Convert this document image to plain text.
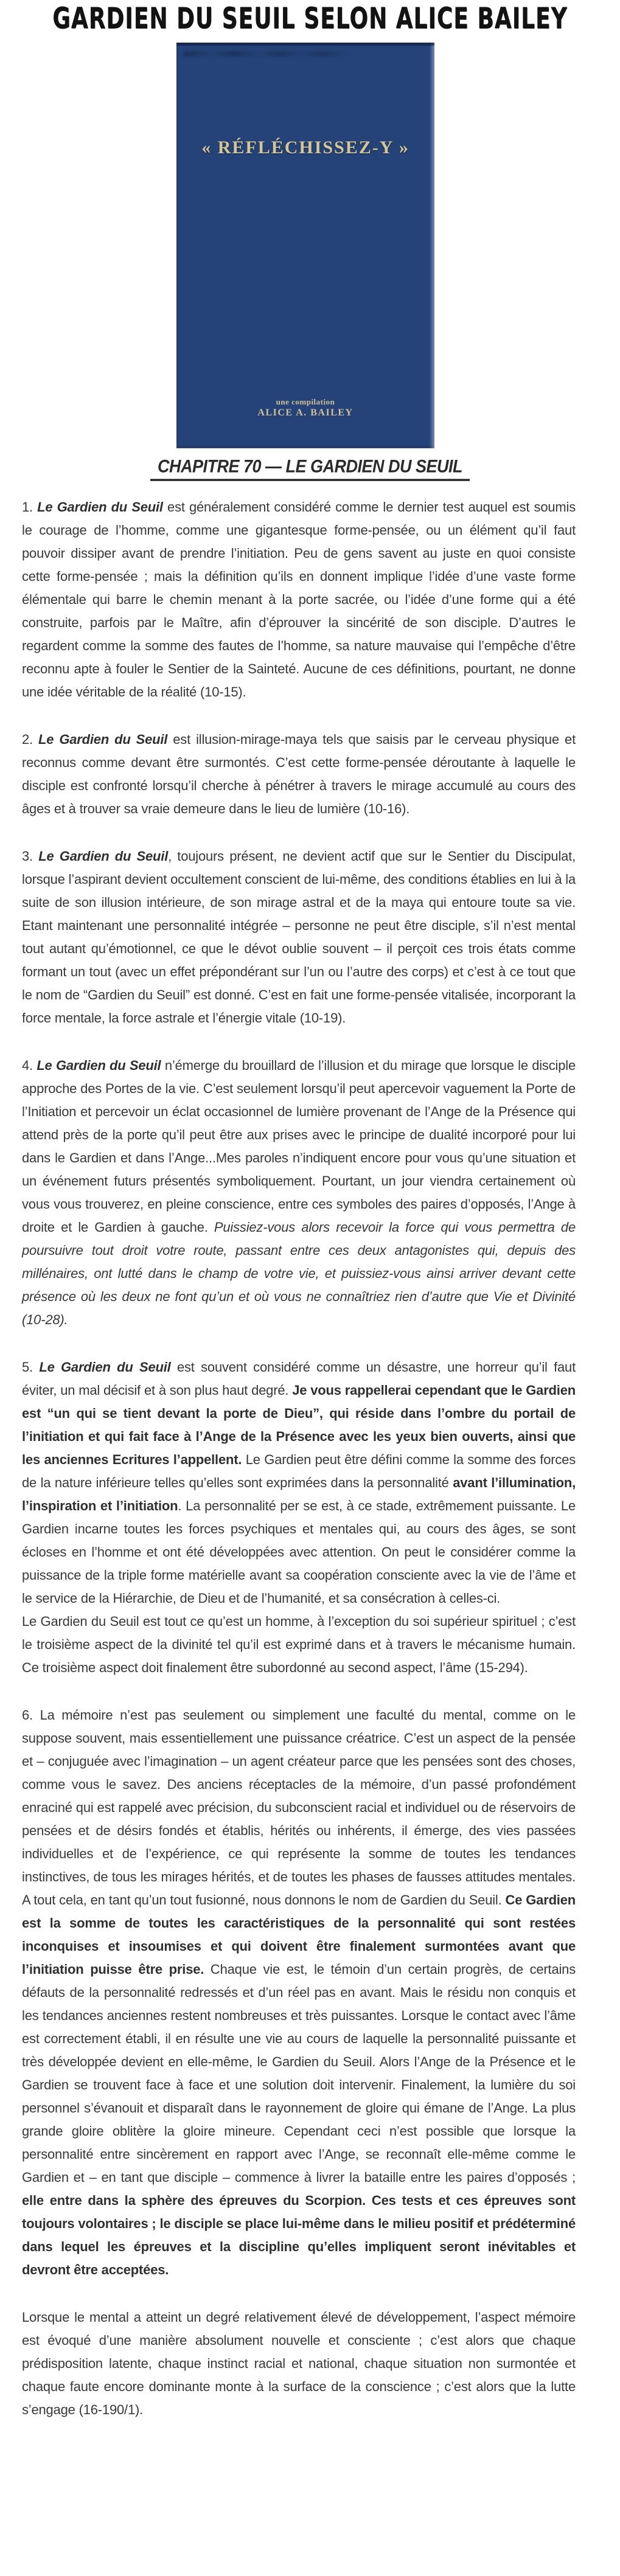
GARDIEN DU SEUIL SELON ALICE BAILEY
« RÉFLÉCHISSEZ-Y »
une compilation
ALICE A. BAILEY
CHAPITRE 70 — LE GARDIEN DU SEUIL

1. Le Gardien du Seuil est généralement considéré comme le dernier test auquel est soumis le courage de l’homme, comme une gigantesque forme-pensée, ou un élément qu’il faut pouvoir dissiper avant de prendre l’initiation. Peu de gens savent au juste en quoi consiste cette forme-pensée ; mais la définition qu’ils en donnent implique l’idée d’une vaste forme élémentale qui barre le chemin menant à la porte sacrée, ou l’idée d’une forme qui a été construite, parfois par le Maître, afin d’éprouver la sincérité de son disciple. D’autres le regardent comme la somme des fautes de l’homme, sa nature mauvaise qui l’empêche d’être reconnu apte à fouler le Sentier de la Sainteté. Aucune de ces définitions, pourtant, ne donne une idée véritable de la réalité (10-15).

2. Le Gardien du Seuil est illusion-mirage-maya tels que saisis par le cerveau physique et reconnus comme devant être surmontés. C’est cette forme-pensée déroutante à laquelle le disciple est confronté lorsqu’il cherche à pénétrer à travers le mirage accumulé au cours des âges et à trouver sa vraie demeure dans le lieu de lumière (10-16).

3. Le Gardien du Seuil, toujours présent, ne devient actif que sur le Sentier du Discipulat, lorsque l’aspirant devient occultement conscient de lui-même, des conditions établies en lui à la suite de son illusion intérieure, de son mirage astral et de la maya qui entoure toute sa vie. Etant maintenant une personnalité intégrée – personne ne peut être disciple, s’il n’est mental tout autant qu’émotionnel, ce que le dévot oublie souvent – il perçoit ces trois états comme formant un tout (avec un effet prépondérant sur l’un ou l’autre des corps) et c’est à ce tout que le nom de “Gardien du Seuil” est donné. C’est en fait une forme-pensée vitalisée, incorporant la force mentale, la force astrale et l’énergie vitale (10-19).

4. Le Gardien du Seuil n’émerge du brouillard de l’illusion et du mirage que lorsque le disciple approche des Portes de la vie. C’est seulement lorsqu’il peut apercevoir vaguement la Porte de l’Initiation et percevoir un éclat occasionnel de lumière provenant de l’Ange de la Présence qui attend près de la porte qu’il peut être aux prises avec le principe de dualité incorporé pour lui dans le Gardien et dans l’Ange...Mes paroles n’indiquent encore pour vous qu’une situation et un événement futurs présentés symboliquement. Pourtant, un jour viendra certainement où vous vous trouverez, en pleine conscience, entre ces symboles des paires d’opposés, l’Ange à droite et le Gardien à gauche. Puissiez-vous alors recevoir la force qui vous permettra de poursuivre tout droit votre route, passant entre ces deux antagonistes qui, depuis des millénaires, ont lutté dans le champ de votre vie, et puissiez-vous ainsi arriver devant cette présence où les deux ne font qu’un et où vous ne connaîtriez rien d’autre que Vie et Divinité (10-28).

5. Le Gardien du Seuil est souvent considéré comme un désastre, une horreur qu’il faut éviter, un mal décisif et à son plus haut degré. Je vous rappellerai cependant que le Gardien est “un qui se tient devant la porte de Dieu”, qui réside dans l’ombre du portail de l’initiation et qui fait face à l’Ange de la Présence avec les yeux bien ouverts, ainsi que les anciennes Ecritures l’appellent. Le Gardien peut être défini comme la somme des forces de la nature inférieure telles qu’elles sont exprimées dans la personnalité avant l’illumination, l’inspiration et l’initiation. La personnalité per se est, à ce stade, extrêmement puissante. Le Gardien incarne toutes les forces psychiques et mentales qui, au cours des âges, se sont écloses en l’homme et ont été développées avec attention. On peut le considérer comme la puissance de la triple forme matérielle avant sa coopération consciente avec la vie de l’âme et le service de la Hiérarchie, de Dieu et de l’humanité, et sa consécration à celles-ci.
Le Gardien du Seuil est tout ce qu’est un homme, à l’exception du soi supérieur spirituel ; c’est le troisième aspect de la divinité tel qu’il est exprimé dans et à travers le mécanisme humain. Ce troisième aspect doit finalement être subordonné au second aspect, l’âme (15-294).

6. La mémoire n’est pas seulement ou simplement une faculté du mental, comme on le suppose souvent, mais essentiellement une puissance créatrice. C’est un aspect de la pensée et – conjuguée avec l’imagination – un agent créateur parce que les pensées sont des choses, comme vous le savez. Des anciens réceptacles de la mémoire, d’un passé profondément enraciné qui est rappelé avec précision, du subconscient racial et individuel ou de réservoirs de pensées et de désirs fondés et établis, hérités ou inhérents, il émerge, des vies passées individuelles et de l’expérience, ce qui représente la somme de toutes les tendances instinctives, de tous les mirages hérités, et de toutes les phases de fausses attitudes mentales. A tout cela, en tant qu’un tout fusionné, nous donnons le nom de Gardien du Seuil. Ce Gardien est la somme de toutes les caractéristiques de la personnalité qui sont restées inconquises et insoumises et qui doivent être finalement surmontées avant que l’initiation puisse être prise. Chaque vie est, le témoin d’un certain progrès, de certains défauts de la personnalité redressés et d’un réel pas en avant. Mais le résidu non conquis et les tendances anciennes restent nombreuses et très puissantes. Lorsque le contact avec l’âme est correctement établi, il en résulte une vie au cours de laquelle la personnalité puissante et très développée devient en elle-même, le Gardien du Seuil. Alors l’Ange de la Présence et le Gardien se trouvent face à face et une solution doit intervenir. Finalement, la lumière du soi personnel s’évanouit et disparaît dans le rayonnement de gloire qui émane de l’Ange. La plus grande gloire oblitère la gloire mineure. Cependant ceci n’est possible que lorsque la personnalité entre sincèrement en rapport avec l’Ange, se reconnaît elle-même comme le Gardien et – en tant que disciple – commence à livrer la bataille entre les paires d’opposés ; elle entre dans la sphère des épreuves du Scorpion. Ces tests et ces épreuves sont toujours volontaires ; le disciple se place lui-même dans le milieu positif et prédéterminé dans lequel les épreuves et la discipline qu’elles impliquent seront inévitables et devront être acceptées.

Lorsque le mental a atteint un degré relativement élevé de développement, l’aspect mémoire est évoqué d’une manière absolument nouvelle et consciente ; c’est alors que chaque prédisposition latente, chaque instinct racial et national, chaque situation non surmontée et chaque faute encore dominante monte à la surface de la conscience ; c’est alors que la lutte s’engage (16-190/1).
